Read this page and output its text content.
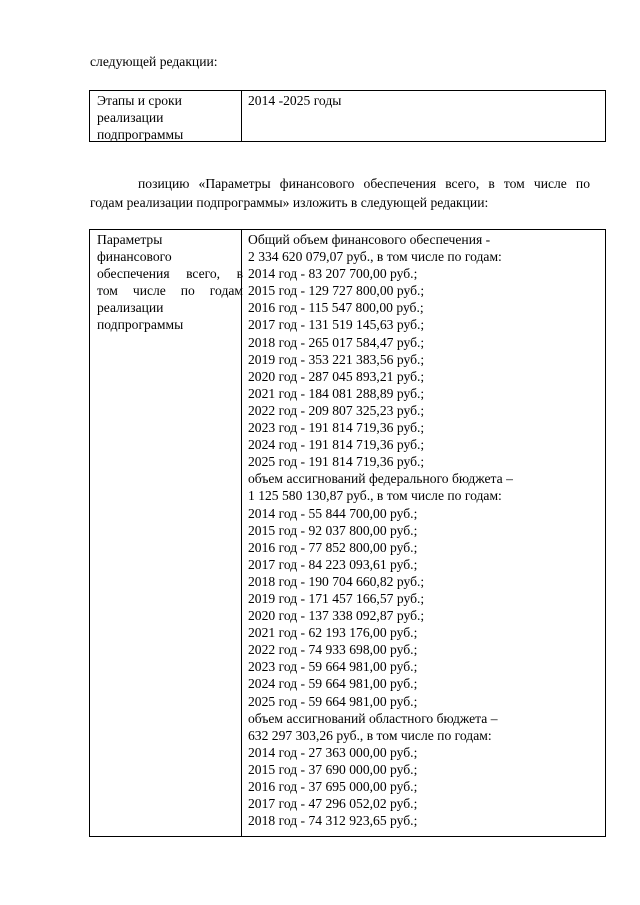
следующей редакции:
Этапы и сроки
реализации
подпрограммы
2014 -2025 годы
позицию «Параметры финансового обеспечения всего, в том числе по
годам реализации подпрограммы» изложить в следующей редакции:
Параметры
финансового
обеспечения всего, в
том числе по годам
реализации
подпрограммы
Общий объем финансового обеспечения -
2 334 620 079,07 руб., в том числе по годам:
2014 год - 83 207 700,00 руб.;
2015 год - 129 727 800,00 руб.;
2016 год - 115 547 800,00 руб.;
2017 год - 131 519 145,63 руб.;
2018 год - 265 017 584,47 руб.;
2019 год - 353 221 383,56 руб.;
2020 год - 287 045 893,21 руб.;
2021 год - 184 081 288,89 руб.;
2022 год - 209 807 325,23 руб.;
2023 год - 191 814 719,36 руб.;
2024 год - 191 814 719,36 руб.;
2025 год - 191 814 719,36 руб.;
объем ассигнований федерального бюджета –
1 125 580 130,87 руб., в том числе по годам:
2014 год - 55 844 700,00 руб.;
2015 год - 92 037 800,00 руб.;
2016 год - 77 852 800,00 руб.;
2017 год - 84 223 093,61 руб.;
2018 год - 190 704 660,82 руб.;
2019 год - 171 457 166,57 руб.;
2020 год - 137 338 092,87 руб.;
2021 год - 62 193 176,00 руб.;
2022 год - 74 933 698,00 руб.;
2023 год - 59 664 981,00 руб.;
2024 год - 59 664 981,00 руб.;
2025 год - 59 664 981,00 руб.;
объем ассигнований областного бюджета –
632 297 303,26 руб., в том числе по годам:
2014 год - 27 363 000,00 руб.;
2015 год - 37 690 000,00 руб.;
2016 год - 37 695 000,00 руб.;
2017 год - 47 296 052,02 руб.;
2018 год - 74 312 923,65 руб.;
